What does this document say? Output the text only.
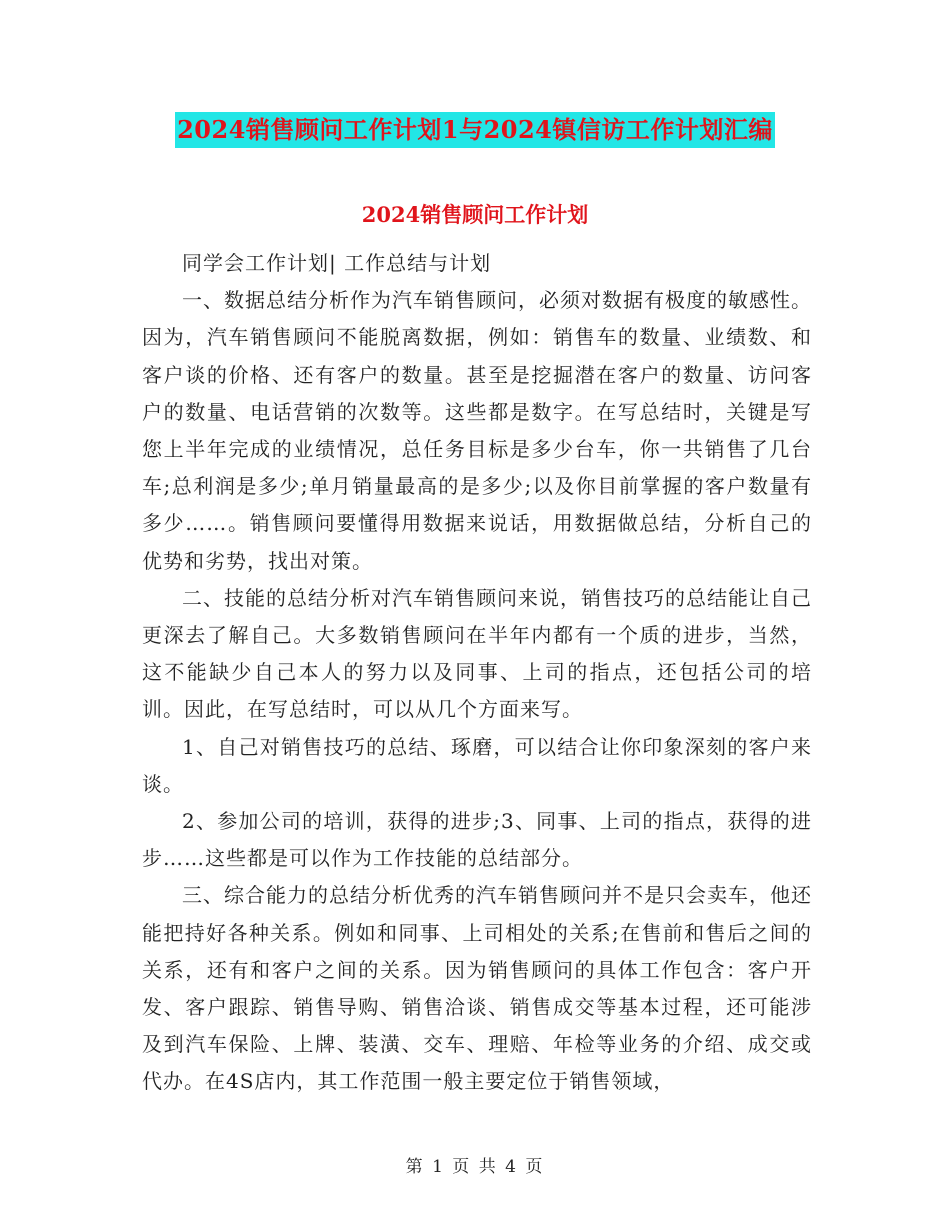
2024销售顾问工作计划1与2024镇信访工作计划汇编
2024销售顾问工作计划

同学会工作计划| 工作总结与计划

一、数据总结分析作为汽车销售顾问，必须对数据有极度的敏感性。因为，汽车销售顾问不能脱离数据，例如：销售车的数量、业绩数、和客户谈的价格、还有客户的数量。甚至是挖掘潜在客户的数量、访问客户的数量、电话营销的次数等。这些都是数字。在写总结时，关键是写您上半年完成的业绩情况，总任务目标是多少台车，你一共销售了几台车;总利润是多少;单月销量最高的是多少;以及你目前掌握的客户数量有多少……。销售顾问要懂得用数据来说话，用数据做总结，分析自己的优势和劣势，找出对策。

二、技能的总结分析对汽车销售顾问来说，销售技巧的总结能让自己更深去了解自己。大多数销售顾问在半年内都有一个质的进步，当然，这不能缺少自己本人的努力以及同事、上司的指点，还包括公司的培训。因此，在写总结时，可以从几个方面来写。

1、自己对销售技巧的总结、琢磨，可以结合让你印象深刻的客户来谈。

2、参加公司的培训，获得的进步;3、同事、上司的指点，获得的进步……这些都是可以作为工作技能的总结部分。

三、综合能力的总结分析优秀的汽车销售顾问并不是只会卖车，他还能把持好各种关系。例如和同事、上司相处的关系;在售前和售后之间的关系，还有和客户之间的关系。因为销售顾问的具体工作包含：客户开发、客户跟踪、销售导购、销售洽谈、销售成交等基本过程，还可能涉及到汽车保险、上牌、装潢、交车、理赔、年检等业务的介绍、成交或代办。在4S店内，其工作范围一般主要定位于销售领域，

第 1 页 共 4 页
